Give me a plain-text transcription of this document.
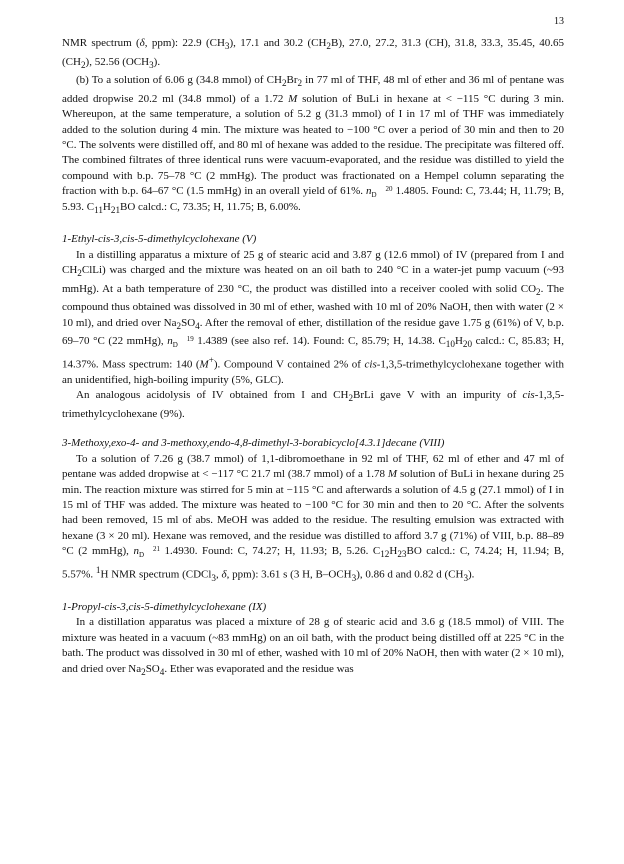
13

NMR spectrum (δ, ppm): 22.9 $(CH_3)$, 17.1 and 30.2 $(CH_2B)$, 27.0, 27.2, 31.3 (CH), 31.8, 33.3, 35.45, 40.65 $(CH_2)$, 52.56 $(OCH_3)$.

(b) To a solution of 6.06 g (34.8 mmol) of $CH_2Br_2$ in 77 ml of THF, 48 ml of ether and 36 ml of pentane was added dropwise 20.2 ml (34.8 mmol) of a 1.72 M solution of BuLi in hexane at < −115 °C during 3 min. Whereupon, at the same temperature, a solution of 5.2 g (31.3 mmol) of I in 17 ml of THF was immediately added to the solution during 4 min. The mixture was heated to −100 °C over a period of 30 min and then to 20 °C. The solvents were distilled off, and 80 ml of hexane was added to the residue. The precipitate was filtered off. The combined filtrates of three identical runs were vacuum-evaporated, and the residue was distilled to yield the compound with b.p. 75–78 °C (2 mmHg). The product was fractionated on a Hempel column separating the fraction with b.p. 64–67 °C (1.5 mmHg) in an overall yield of 61%. n 20
D 1.4805. Found: C, 73.44; H, 11.79; B, 5.93. $C_{11}H_{21}BO$ calcd.: C, 73.35; H, 11.75; B, 6.00%.

1-Ethyl-cis-3,cis-5-dimethylcyclohexane (V)

In a distilling apparatus a mixture of 25 g of stearic acid and 3.87 g (12.6 mmol) of IV (prepared from I and $CH_2ClLi$) was charged and the mixture was heated on an oil bath to 240 °C in a water-jet pump vacuum (~93 mmHg). At a bath temperature of 230 °C, the product was distilled into a receiver cooled with solid $CO_2$. The compound thus obtained was dissolved in 30 ml of ether, washed with 10 ml of 20% NaOH, then with water (2 × 10 ml), and dried over $Na_2SO_4$. After the removal of ether, distillation of the residue gave 1.75 g (61%) of V, b.p. 69–70 °C (22 mmHg), n 19
D 1.4389 (see also ref. 14). Found: C, 85.79; H, 14.38. $C_{10}H_{20}$ calcd.: C, 85.83; H, 14.37%. Mass spectrum: 140 (M+). Compound V contained 2% of cis-1,3,5-trimethylcyclohexane together with an unidentified, high-boiling impurity (5%, GLC).

An analogous acidolysis of IV obtained from I and $CH_2BrLi$ gave V with an impurity of cis-1,3,5-trimethylcyclohexane (9%).

3-Methoxy,exo-4- and 3-methoxy,endo-4,8-dimethyl-3-borabicyclo[4.3.1]decane (VIII)

To a solution of 7.26 g (38.7 mmol) of 1,1-dibromoethane in 92 ml of THF, 62 ml of ether and 47 ml of pentane was added dropwise at < −117 °C 21.7 ml (38.7 mmol) of a 1.78 M solution of BuLi in hexane during 25 min. The reaction mixture was stirred for 5 min at −115 °C and afterwards a solution of 4.5 g (27.1 mmol) of I in 15 ml of THF was added. The mixture was heated to −100 °C for 30 min and then to 20 °C. After the solvents had been removed, 15 ml of abs. MeOH was added to the residue. The resulting emulsion was extracted with hexane (3 × 20 ml). Hexane was removed, and the residue was distilled to afford 3.7 g (71%) of VIII, b.p. 88–89 °C (2 mmHg), n 21
D 1.4930. Found: C, 74.27; H, 11.93; B, 5.26. $C_{12}H_{23}BO$ calcd.: C, 74.24; H, 11.94; B, 5.57%. $^1$H NMR spectrum (CDCl$_3$, δ, ppm): 3.61 s (3 H, $B-OCH_3$), 0.86 d and 0.82 d $(CH_3)$.

1-Propyl-cis-3,cis-5-dimethylcyclohexane (IX)

In a distillation apparatus was placed a mixture of 28 g of stearic acid and 3.6 g (18.5 mmol) of VIII. The mixture was heated in a vacuum (~83 mmHg) on an oil bath, with the product being distilled off at 225 °C in the bath. The product was dissolved in 30 ml of ether, washed with 10 ml of 20% NaOH, then with water (2 × 10 ml), and dried over $Na_2SO_4$. Ether was evaporated and the residue was
